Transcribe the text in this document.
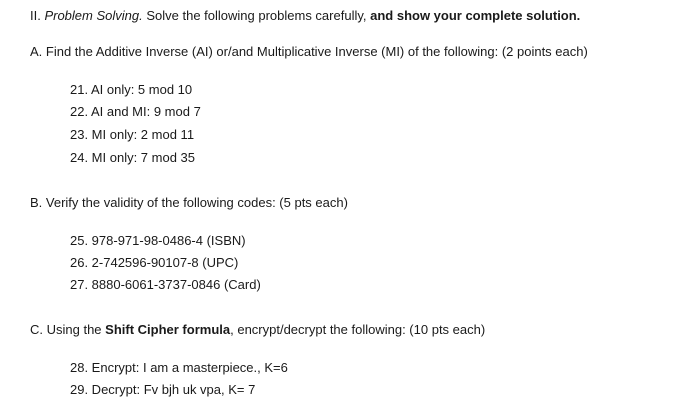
II. Problem Solving. Solve the following problems carefully, and show your complete solution.
A. Find the Additive Inverse (AI) or/and Multiplicative Inverse (MI) of the following: (2 points each)
21. AI only: 5 mod 10
22. AI and MI: 9 mod 7
23. MI only: 2 mod 11
24. MI only: 7 mod 35
B. Verify the validity of the following codes: (5 pts each)
25. 978-971-98-0486-4 (ISBN)
26. 2-742596-90107-8 (UPC)
27. 8880-6061-3737-0846 (Card)
C. Using the Shift Cipher formula, encrypt/decrypt the following: (10 pts each)
28. Encrypt: I am a masterpiece., K=6
29. Decrypt: Fv bjh uk vpa, K= 7
